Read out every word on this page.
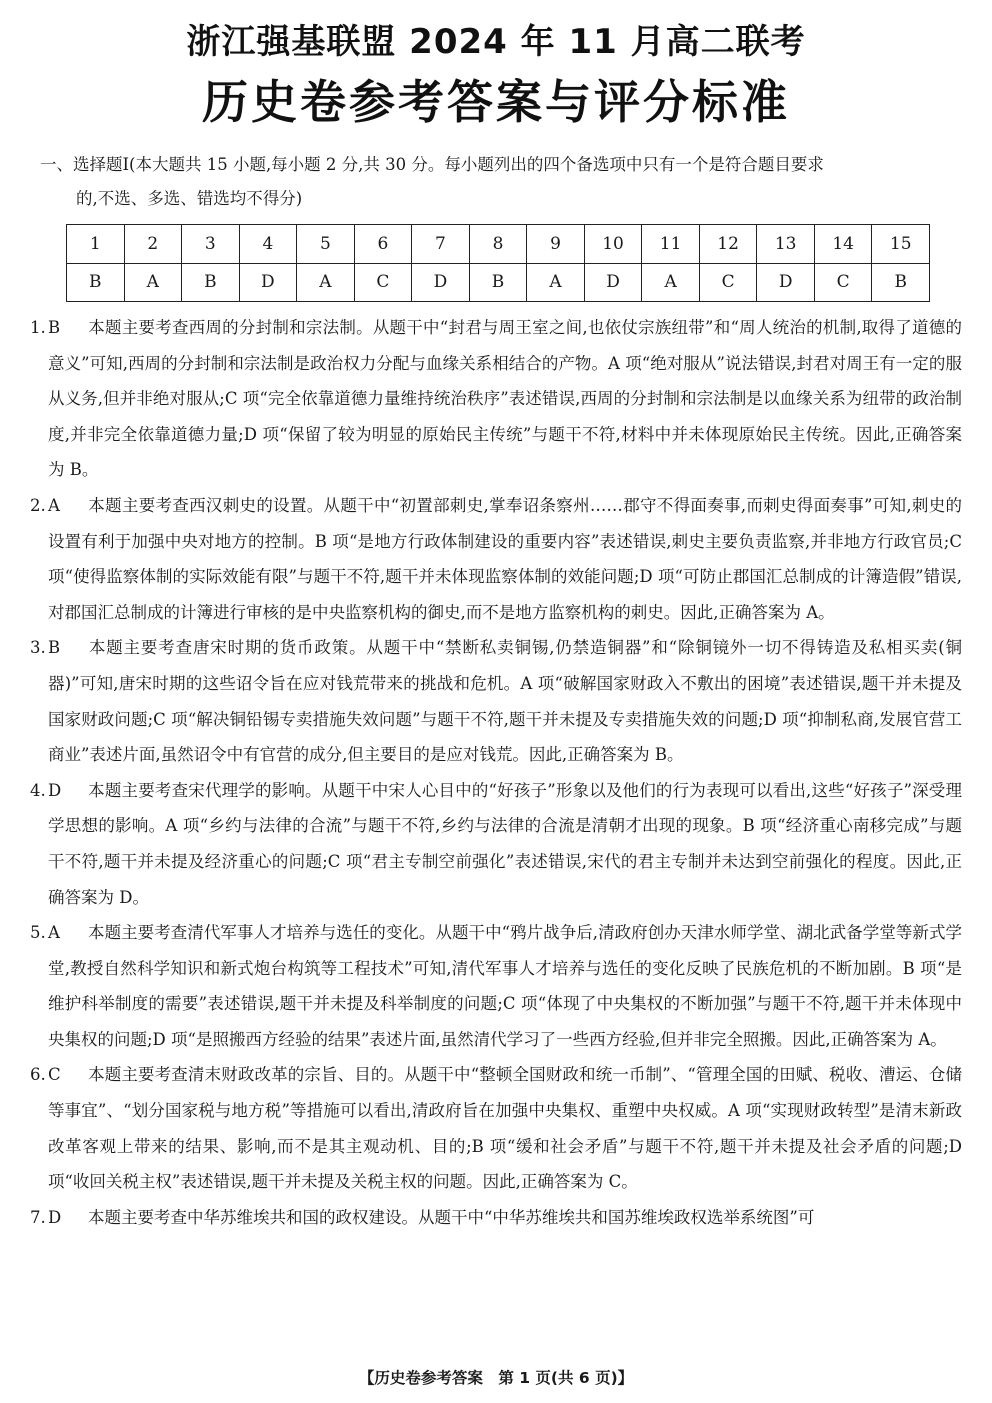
浙江强基联盟 2024 年 11 月高二联考
历史卷参考答案与评分标准
一、选择题Ⅰ(本大题共 15 小题,每小题 2 分,共 30 分。每小题列出的四个备选项中只有一个是符合题目要求
的,不选、多选、错选均不得分)
1	2	3	4	5	6	7	8	9	10	11	12	13	14	15
B	A	B	D	A	C	D	B	A	D	A	C	D	C	B

1. B 本题主要考查西周的分封制和宗法制。从题干中“封君与周王室之间,也依仗宗族纽带”和“周人统治的机制,取得了道德的意义”可知,西周的分封制和宗法制是政治权力分配与血缘关系相结合的产物。A 项“绝对服从”说法错误,封君对周王有一定的服从义务,但并非绝对服从;C 项“完全依靠道德力量维持统治秩序”表述错误,西周的分封制和宗法制是以血缘关系为纽带的政治制度,并非完全依靠道德力量;D 项“保留了较为明显的原始民主传统”与题干不符,材料中并未体现原始民主传统。因此,正确答案为 B。

2. A 本题主要考查西汉刺史的设置。从题干中“初置部刺史,掌奉诏条察州……郡守不得面奏事,而刺史得面奏事”可知,刺史的设置有利于加强中央对地方的控制。B 项“是地方行政体制建设的重要内容”表述错误,刺史主要负责监察,并非地方行政官员;C 项“使得监察体制的实际效能有限”与题干不符,题干并未体现监察体制的效能问题;D 项“可防止郡国汇总制成的计簿造假”错误,对郡国汇总制成的计簿进行审核的是中央监察机构的御史,而不是地方监察机构的刺史。因此,正确答案为 A。

3. B 本题主要考查唐宋时期的货币政策。从题干中“禁断私卖铜锡,仍禁造铜器”和“除铜镜外一切不得铸造及私相买卖(铜器)”可知,唐宋时期的这些诏令旨在应对钱荒带来的挑战和危机。A 项“破解国家财政入不敷出的困境”表述错误,题干并未提及国家财政问题;C 项“解决铜铅锡专卖措施失效问题”与题干不符,题干并未提及专卖措施失效的问题;D 项“抑制私商,发展官营工商业”表述片面,虽然诏令中有官营的成分,但主要目的是应对钱荒。因此,正确答案为 B。

4. D 本题主要考查宋代理学的影响。从题干中宋人心目中的“好孩子”形象以及他们的行为表现可以看出,这些“好孩子”深受理学思想的影响。A 项“乡约与法律的合流”与题干不符,乡约与法律的合流是清朝才出现的现象。B 项“经济重心南移完成”与题干不符,题干并未提及经济重心的问题;C 项“君主专制空前强化”表述错误,宋代的君主专制并未达到空前强化的程度。因此,正确答案为 D。

5. A 本题主要考查清代军事人才培养与选任的变化。从题干中“鸦片战争后,清政府创办天津水师学堂、湖北武备学堂等新式学堂,教授自然科学知识和新式炮台构筑等工程技术”可知,清代军事人才培养与选任的变化反映了民族危机的不断加剧。B 项“是维护科举制度的需要”表述错误,题干并未提及科举制度的问题;C 项“体现了中央集权的不断加强”与题干不符,题干并未体现中央集权的问题;D 项“是照搬西方经验的结果”表述片面,虽然清代学习了一些西方经验,但并非完全照搬。因此,正确答案为 A。

6. C 本题主要考查清末财政改革的宗旨、目的。从题干中“整顿全国财政和统一币制”、“管理全国的田赋、税收、漕运、仓储等事宜”、“划分国家税与地方税”等措施可以看出,清政府旨在加强中央集权、重塑中央权威。A 项“实现财政转型”是清末新政改革客观上带来的结果、影响,而不是其主观动机、目的;B 项“缓和社会矛盾”与题干不符,题干并未提及社会矛盾的问题;D 项“收回关税主权”表述错误,题干并未提及关税主权的问题。因此,正确答案为 C。

7. D 本题主要考查中华苏维埃共和国的政权建设。从题干中“中华苏维埃共和国苏维埃政权选举系统图”可

【历史卷参考答案　第 1 页(共 6 页)】
